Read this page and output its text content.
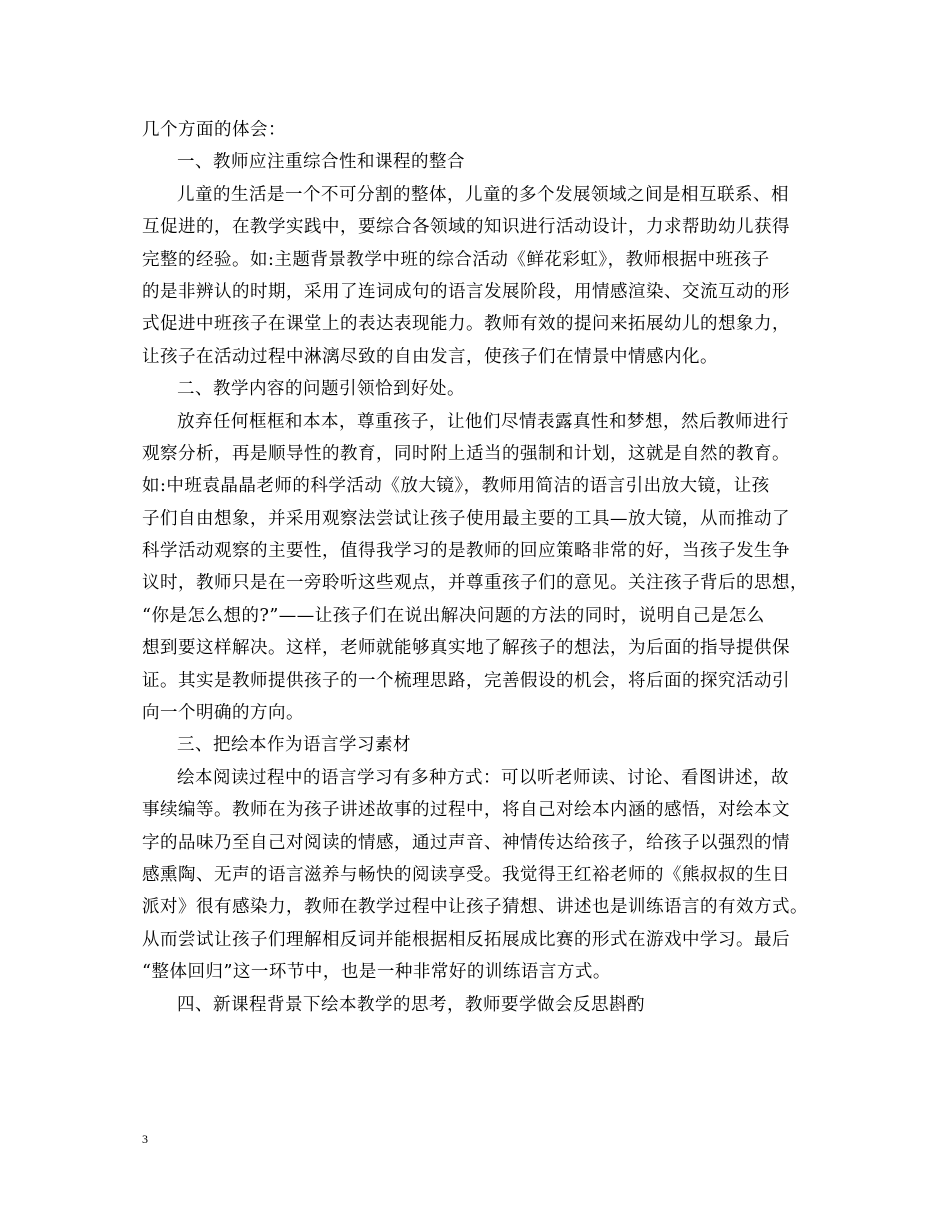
几个方面的体会：
一、教师应注重综合性和课程的整合
儿童的生活是一个不可分割的整体，儿童的多个发展领域之间是相互联系、相
互促进的，在教学实践中，要综合各领域的知识进行活动设计，力求帮助幼儿获得
完整的经验。如:主题背景教学中班的综合活动《鲜花彩虹》，教师根据中班孩子
的是非辨认的时期，采用了连词成句的语言发展阶段，用情感渲染、交流互动的形
式促进中班孩子在课堂上的表达表现能力。教师有效的提问来拓展幼儿的想象力，
让孩子在活动过程中淋漓尽致的自由发言，使孩子们在情景中情感内化。
二、教学内容的问题引领恰到好处。
放弃任何框框和本本，尊重孩子，让他们尽情表露真性和梦想，然后教师进行
观察分析，再是顺导性的教育，同时附上适当的强制和计划，这就是自然的教育。
如:中班袁晶晶老师的科学活动《放大镜》，教师用简洁的语言引出放大镜，让孩
子们自由想象，并采用观察法尝试让孩子使用最主要的工具—放大镜，从而推动了
科学活动观察的主要性，值得我学习的是教师的回应策略非常的好，当孩子发生争
议时，教师只是在一旁聆听这些观点，并尊重孩子们的意见。关注孩子背后的思想，
“你是怎么想的?”——让孩子们在说出解决问题的方法的同时，说明自己是怎么
想到要这样解决。这样，老师就能够真实地了解孩子的想法，为后面的指导提供保
证。其实是教师提供孩子的一个梳理思路，完善假设的机会，将后面的探究活动引
向一个明确的方向。
三、把绘本作为语言学习素材
绘本阅读过程中的语言学习有多种方式：可以听老师读、讨论、看图讲述，故
事续编等。教师在为孩子讲述故事的过程中，将自己对绘本内涵的感悟，对绘本文
字的品味乃至自己对阅读的情感，通过声音、神情传达给孩子，给孩子以强烈的情
感熏陶、无声的语言滋养与畅快的阅读享受。我觉得王红裕老师的《熊叔叔的生日
派对》很有感染力，教师在教学过程中让孩子猜想、讲述也是训练语言的有效方式。
从而尝试让孩子们理解相反词并能根据相反拓展成比赛的形式在游戏中学习。最后
“整体回归”这一环节中，也是一种非常好的训练语言方式。
四、新课程背景下绘本教学的思考，教师要学做会反思斟酌
3
